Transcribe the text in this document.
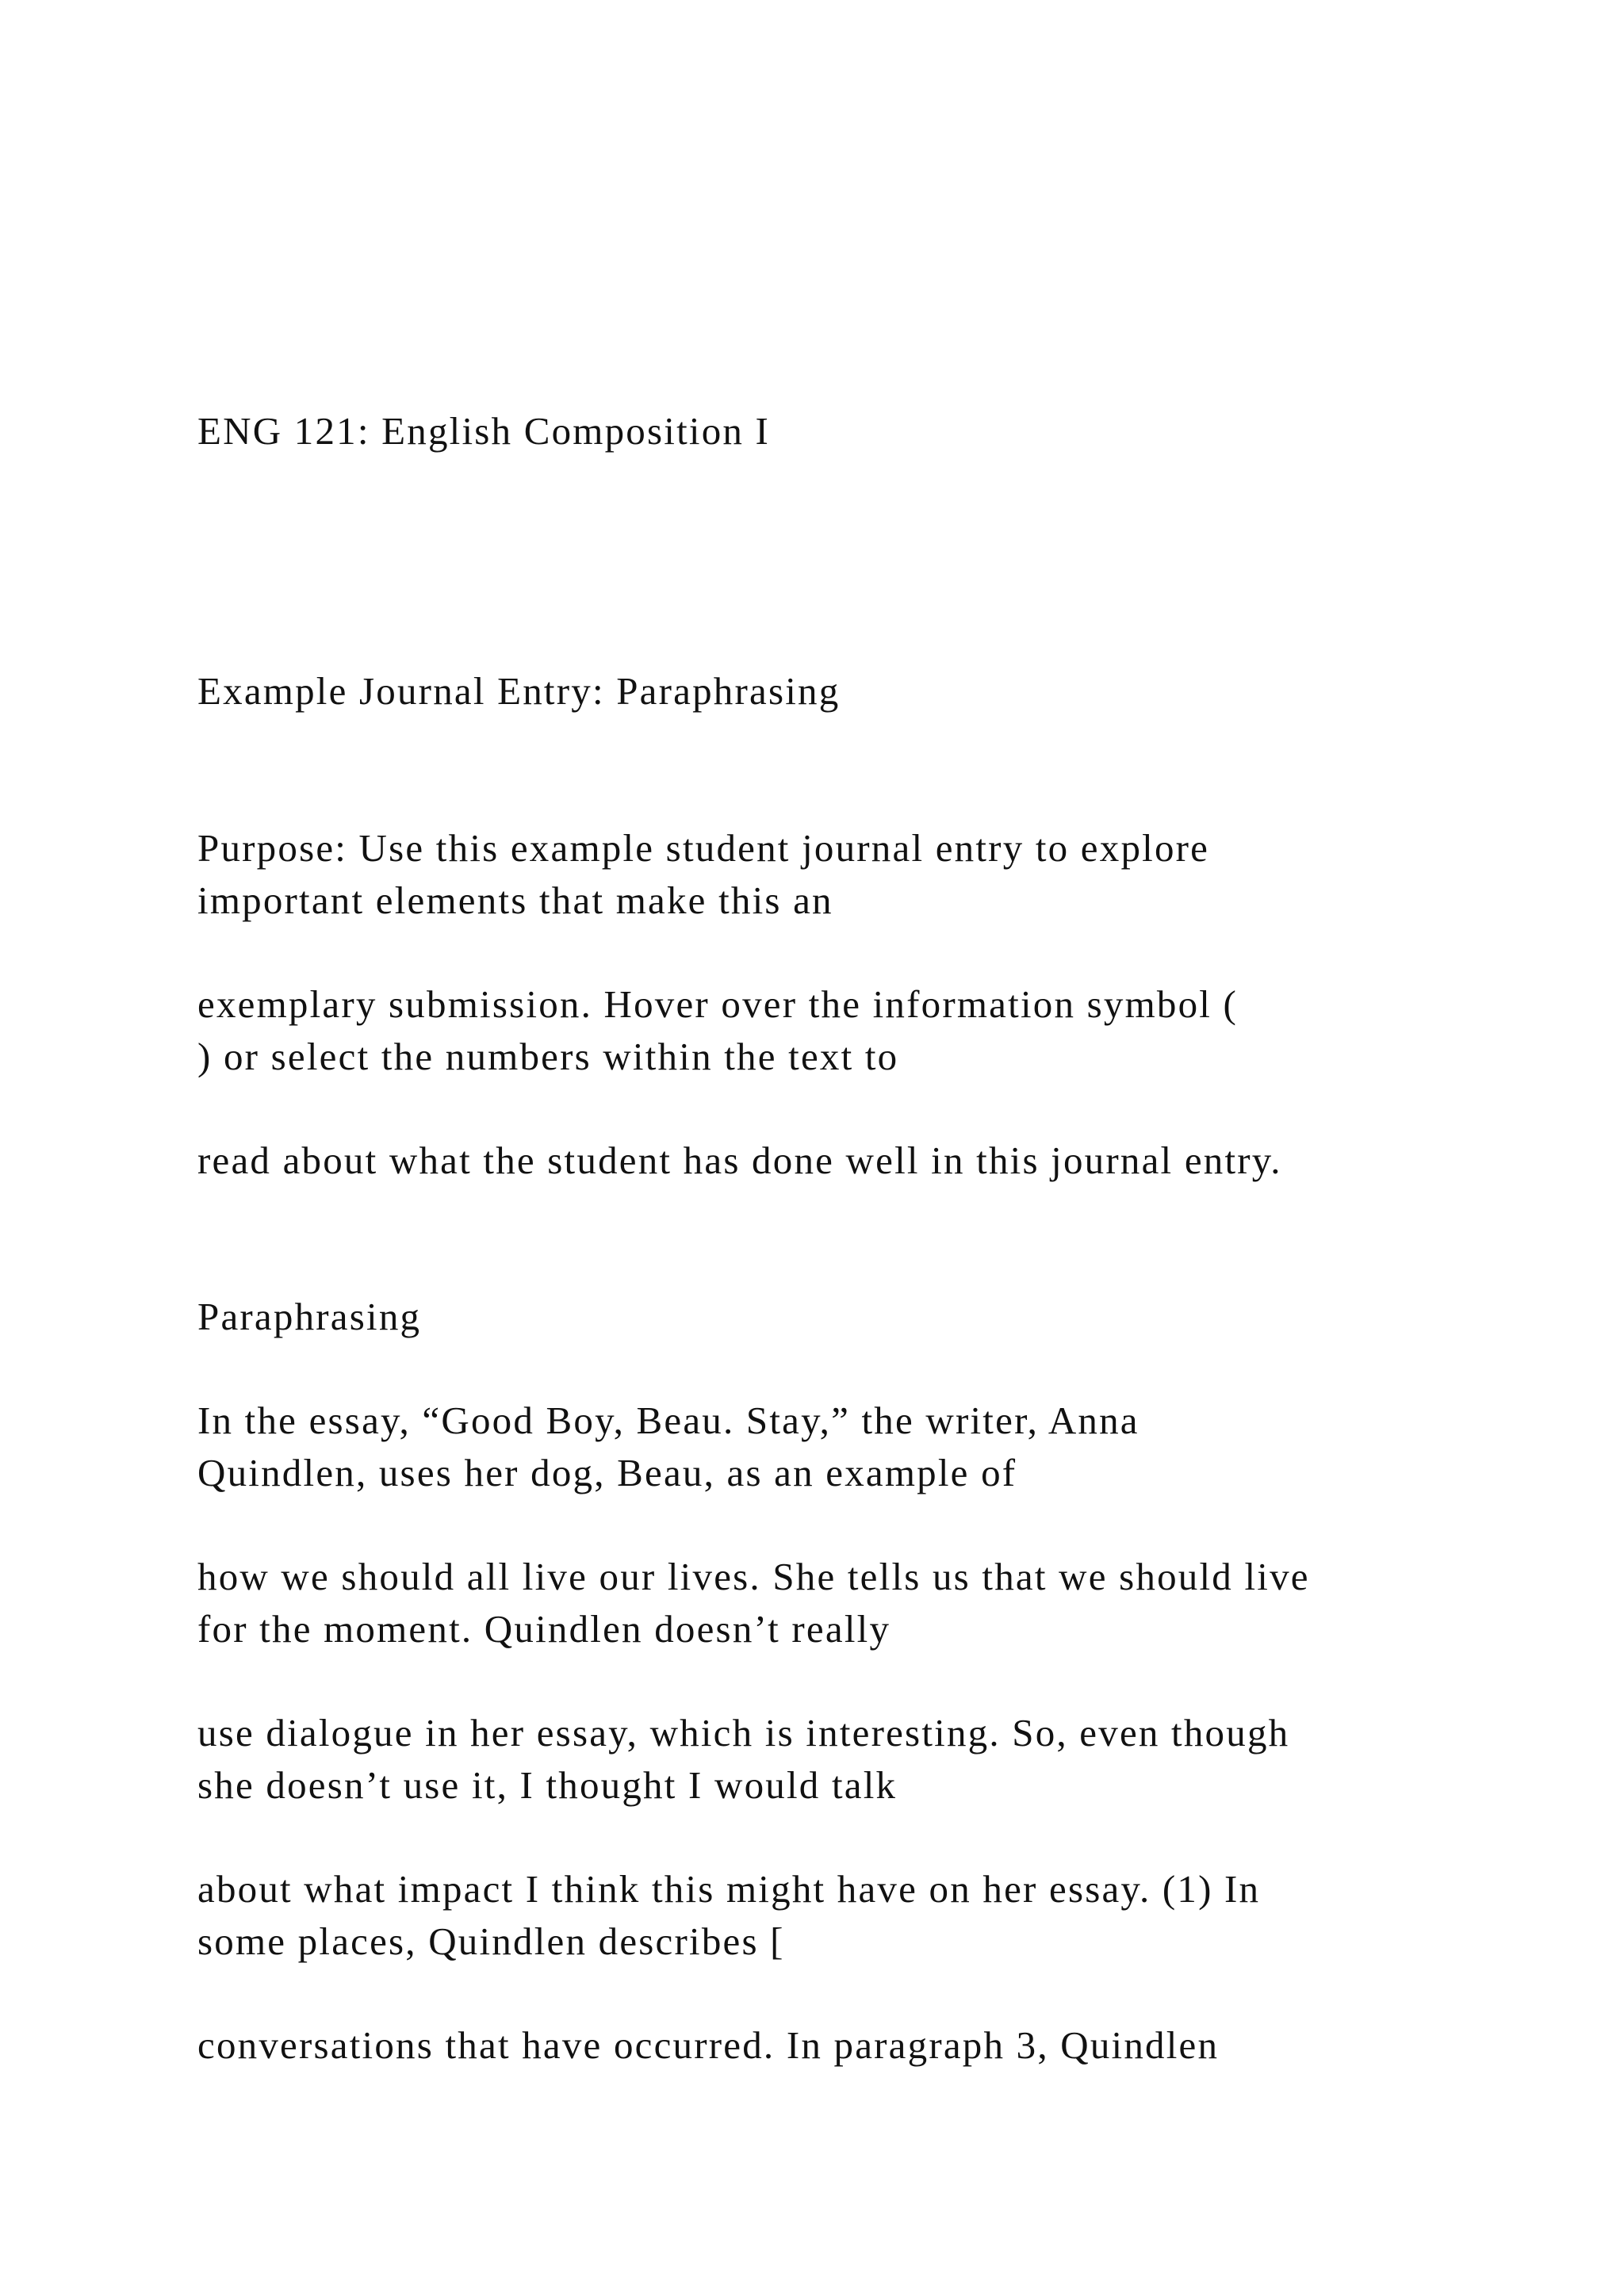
ENG 121: English Composition I

Example Journal Entry: Paraphrasing

Purpose: Use this example student journal entry to explore

important elements that make this an

exemplary submission. Hover over the information symbol (

) or select the numbers within the text to

read about what the student has done well in this journal entry.

Paraphrasing

In the essay, “Good Boy, Beau. Stay,” the writer, Anna

Quindlen, uses her dog, Beau, as an example of

how we should all live our lives. She tells us that we should live

for the moment. Quindlen doesn’t really

use dialogue in her essay, which is interesting. So, even though

she doesn’t use it, I thought I would talk

about what impact I think this might have on her essay. (1) In

some places, Quindlen describes [

conversations that have occurred. In paragraph 3, Quindlen
